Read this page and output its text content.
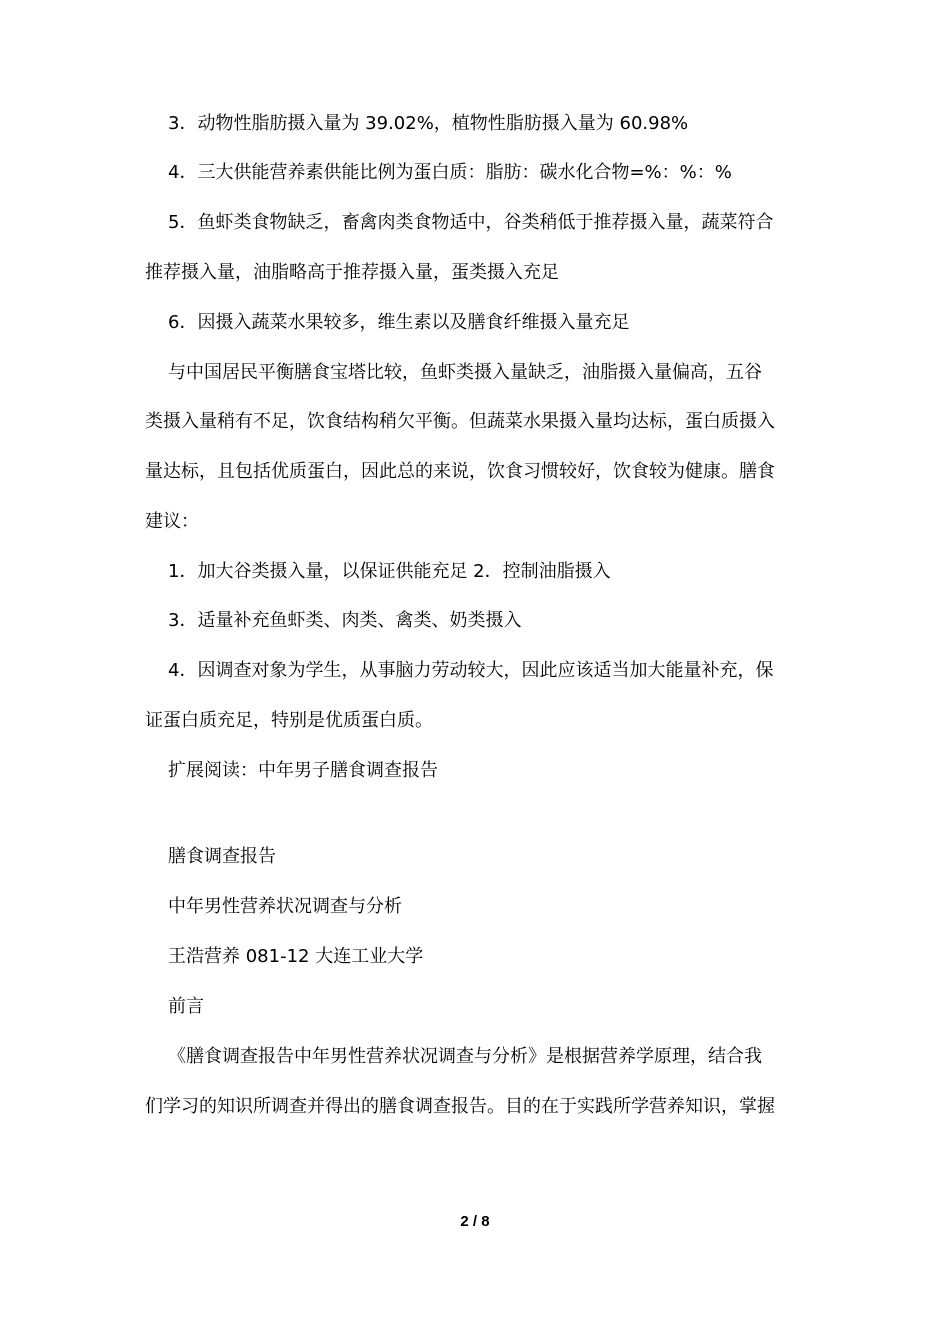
3．动物性脂肪摄入量为 39.02%，植物性脂肪摄入量为 60.98%
4．三大供能营养素供能比例为蛋白质：脂肪：碳水化合物=%：%：%
5．鱼虾类食物缺乏，畜禽肉类食物适中，谷类稍低于推荐摄入量，蔬菜符合
推荐摄入量，油脂略高于推荐摄入量，蛋类摄入充足
6．因摄入蔬菜水果较多，维生素以及膳食纤维摄入量充足
与中国居民平衡膳食宝塔比较，鱼虾类摄入量缺乏，油脂摄入量偏高，五谷
类摄入量稍有不足，饮食结构稍欠平衡。但蔬菜水果摄入量均达标，蛋白质摄入
量达标，且包括优质蛋白，因此总的来说，饮食习惯较好，饮食较为健康。膳食
建议：
1．加大谷类摄入量，以保证供能充足 2．控制油脂摄入
3．适量补充鱼虾类、肉类、禽类、奶类摄入
4．因调查对象为学生，从事脑力劳动较大，因此应该适当加大能量补充，保
证蛋白质充足，特别是优质蛋白质。
扩展阅读：中年男子膳食调查报告
膳食调查报告
中年男性营养状况调查与分析
王浩营养 081-12 大连工业大学
前言
《膳食调查报告中年男性营养状况调查与分析》是根据营养学原理，结合我
们学习的知识所调查并得出的膳食调查报告。目的在于实践所学营养知识，掌握
2 / 8
